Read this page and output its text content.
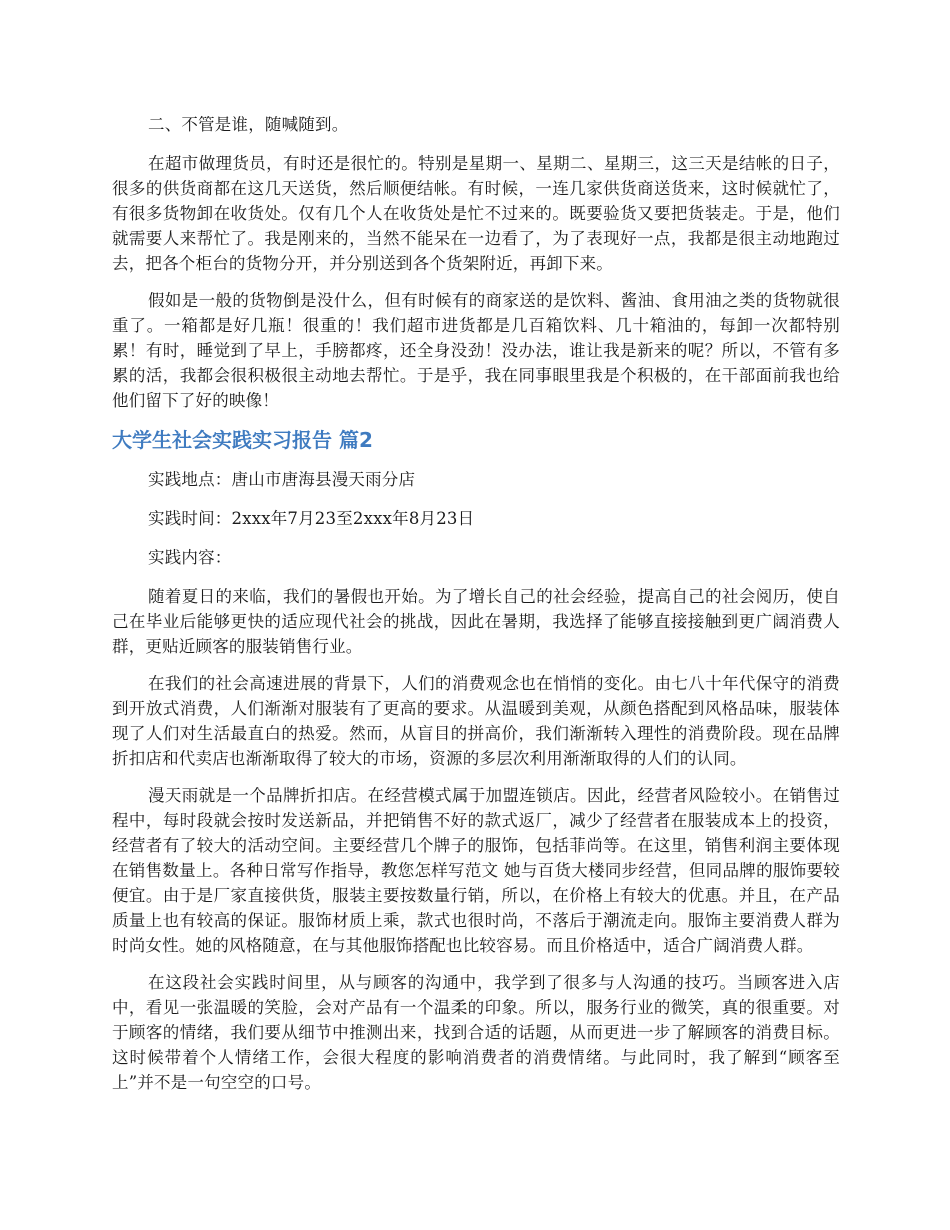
二、不管是谁，随喊随到。

在超市做理货员，有时还是很忙的。特别是星期一、星期二、星期三，这三天是结帐的日子，很多的供货商都在这几天送货，然后顺便结帐。有时候，一连几家供货商送货来，这时候就忙了，有很多货物卸在收货处。仅有几个人在收货处是忙不过来的。既要验货又要把货装走。于是，他们就需要人来帮忙了。我是刚来的，当然不能呆在一边看了，为了表现好一点，我都是很主动地跑过去，把各个柜台的货物分开，并分别送到各个货架附近，再卸下来。

假如是一般的货物倒是没什么，但有时候有的商家送的是饮料、酱油、食用油之类的货物就很重了。一箱都是好几瓶！很重的！我们超市进货都是几百箱饮料、几十箱油的，每卸一次都特别累！有时，睡觉到了早上，手膀都疼，还全身没劲！没办法，谁让我是新来的呢？所以，不管有多累的活，我都会很积极很主动地去帮忙。于是乎，我在同事眼里我是个积极的，在干部面前我也给他们留下了好的映像！

大学生社会实践实习报告 篇2

实践地点：唐山市唐海县漫天雨分店

实践时间：2xxx年7月23至2xxx年8月23日

实践内容：

随着夏日的来临，我们的暑假也开始。为了增长自己的社会经验，提高自己的社会阅历，使自己在毕业后能够更快的适应现代社会的挑战，因此在暑期，我选择了能够直接接触到更广阔消费人群，更贴近顾客的服装销售行业。

在我们的社会高速进展的背景下，人们的消费观念也在悄悄的变化。由七八十年代保守的消费到开放式消费，人们渐渐对服装有了更高的要求。从温暖到美观，从颜色搭配到风格品味，服装体现了人们对生活最直白的热爱。然而，从盲目的拼高价，我们渐渐转入理性的消费阶段。现在品牌折扣店和代卖店也渐渐取得了较大的市场，资源的多层次利用渐渐取得的人们的认同。

漫天雨就是一个品牌折扣店。在经营模式属于加盟连锁店。因此，经营者风险较小。在销售过程中，每时段就会按时发送新品，并把销售不好的款式返厂，减少了经营者在服装成本上的投资，经营者有了较大的活动空间。主要经营几个牌子的服饰，包括菲尚等。在这里，销售利润主要体现在销售数量上。各种日常写作指导，教您怎样写范文 她与百货大楼同步经营，但同品牌的服饰要较便宜。由于是厂家直接供货，服装主要按数量行销，所以，在价格上有较大的优惠。并且，在产品质量上也有较高的保证。服饰材质上乘，款式也很时尚，不落后于潮流走向。服饰主要消费人群为时尚女性。她的风格随意，在与其他服饰搭配也比较容易。而且价格适中，适合广阔消费人群。

在这段社会实践时间里，从与顾客的沟通中，我学到了很多与人沟通的技巧。当顾客进入店中，看见一张温暖的笑脸，会对产品有一个温柔的印象。所以，服务行业的微笑，真的很重要。对于顾客的情绪，我们要从细节中推测出来，找到合适的话题，从而更进一步了解顾客的消费目标。这时候带着个人情绪工作，会很大程度的影响消费者的消费情绪。与此同时，我了解到“顾客至上”并不是一句空空的口号。
